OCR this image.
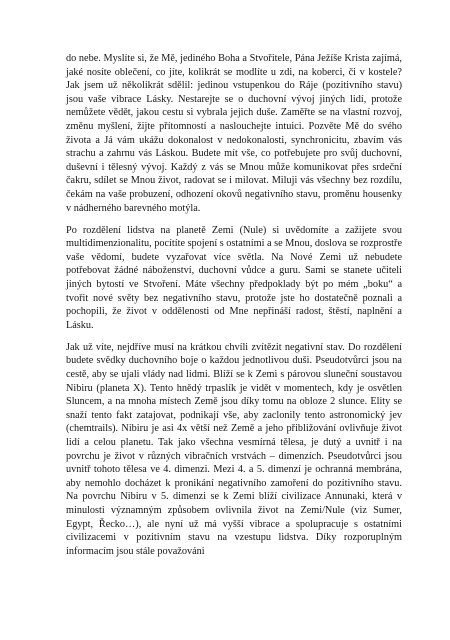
do nebe. Myslíte si, že Mě, jediného Boha a Stvořitele, Pána Ježíše Krista zajímá, jaké nosíte oblečení, co jíte, kolikrát se modlíte u zdi, na koberci, či v kostele? Jak jsem už několikrát sdělil: jedinou vstupenkou do Ráje (pozitivního stavu) jsou vaše vibrace Lásky. Nestarejte se o duchovní vývoj jiných lidí, protože nemůžete vědět, jakou cestu si vybrala jejich duše. Zaměřte se na vlastní rozvoj, změnu myšlení, žijte přítomností a naslouchejte intuici. Pozvěte Mě do svého života a Já vám ukážu dokonalost v nedokonalosti, synchronicitu, zbavím vás strachu a zahrnu vás Láskou. Budete mít vše, co potřebujete pro svůj duchovní, duševní i tělesný vývoj. Každý z vás se Mnou může komunikovat přes srdeční čakru, sdílet se Mnou život, radovat se i milovat. Miluji vás všechny bez rozdílu, čekám na vaše probuzení, odhození okovů negativního stavu, proměnu housenky v nádherného barevného motýla.

Po rozdělení lidstva na planetě Zemi (Nule) si uvědomíte a zažijete svou multidimenzionalitu, pocítíte spojení s ostatními a se Mnou, doslova se rozprostře vaše vědomí, budete vyzařovat více světla. Na Nové Zemi už nebudete potřebovat žádné náboženství, duchovní vůdce a guru. Sami se stanete učiteli jiných bytostí ve Stvoření. Máte všechny předpoklady být po mém „boku“ a tvořit nové světy bez negativního stavu, protože jste ho dostatečně poznali a pochopili, že život v oddělenosti od Mne nepřináší radost, štěstí, naplnění a Lásku.

Jak už víte, nejdříve musí na krátkou chvíli zvítězit negativní stav. Do rozdělení budete svědky duchovního boje o každou jednotlivou duši. Pseudotvůrci jsou na cestě, aby se ujali vlády nad lidmi. Blíží se k Zemi s párovou sluneční soustavou Nibiru (planeta X). Tento hnědý trpaslík je vidět v momentech, kdy je osvětlen Sluncem, a na mnoha místech Země jsou díky tomu na obloze 2 slunce. Elity se snaží tento fakt zatajovat, podnikají vše, aby zaclonily tento astronomický jev (chemtrails). Nibiru je asi 4x větší než Země a jeho přibližování ovlivňuje život lidí a celou planetu. Tak jako všechna vesmírná tělesa, je dutý a uvnitř i na povrchu je život v různých vibračních vrstvách – dimenzích. Pseudotvůrci jsou uvnitř tohoto tělesa ve 4. dimenzi. Mezi 4. a 5. dimenzí je ochranná membrána, aby nemohlo docházet k pronikání negativního zamoření do pozitivního stavu. Na povrchu Nibiru v 5. dimenzi se k Zemi blíží civilizace Annunaki, která v minulosti významným způsobem ovlivnila život na Zemi/Nule (viz Sumer, Egypt, Řecko…), ale nyní už má vyšší vibrace a spolupracuje s ostatními civilizacemi v pozitivním stavu na vzestupu lidstva. Díky rozporuplným informacím jsou stále považováni
